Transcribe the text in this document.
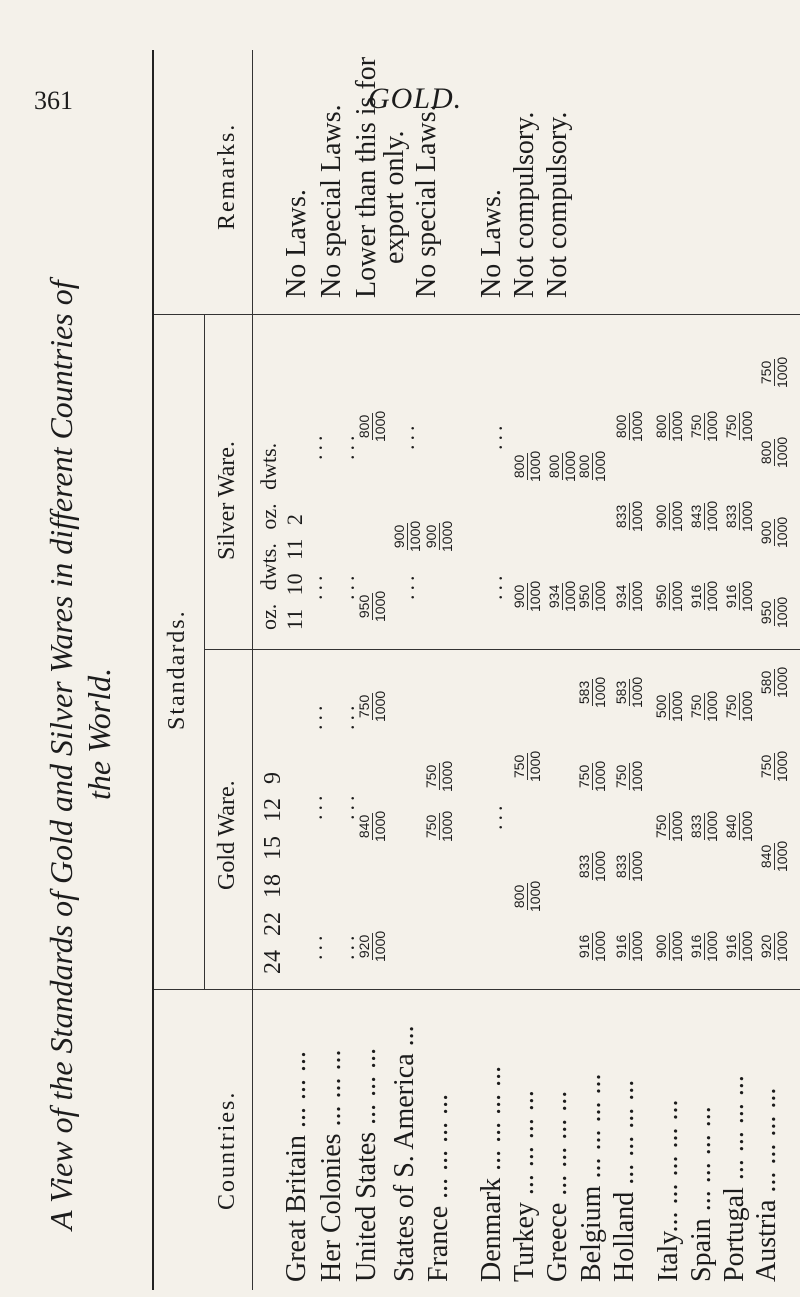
361	GOLD.
A View of the Standards of Gold and Silver Wares in different Countries of the World.
Countries.
Standards.
Gold Ware.
Silver Ware.
Remarks.
24 22 18 15 12 9
oz. dwts. oz. dwts. 11 10 11 2
Great Britain ... ... ... Her Colonies ... ... ... United States ... ... ... States of S. America ... France ... ... ... ... Denmark ... ... ... ... Turkey ... ... ... ... Greece ... ... ... ... Belgium ... ... ... ... Holland ... ... ... ... Italy... ... ... ... ... Spain ... ... ... ... Portugal ... ... ... ... Austria ... ... ... ...
No Laws. No special Laws. Lower than this is for
export only. No special Laws. No Laws. Not compulsory. Not compulsory.
...
...
...
...
...
...
...
...
...
...
920 1000
840 1000
750 1000
950 1000
800 1000
...
900 1000
...
750 1000
750 1000
900 1000
...
...
...
800 1000
750 1000
900 1000
800 1000
934 1000
800 1000
916 1000
833 1000
750 1000
583 1000
950 1000
800 1000
916 1000
833 1000
750 1000
583 1000
934 1000
833 1000
800 1000
900 1000
750 1000
500 1000
950 1000
900 1000
800 1000
916 1000
833 1000
750 1000
916 1000
843 1000
750 1000
916 1000
840 1000
750 1000
916 1000
833 1000
750 1000
920 1000
840 1000
750 1000
580 1000
950 1000
900 1000
800 1000
750 1000
